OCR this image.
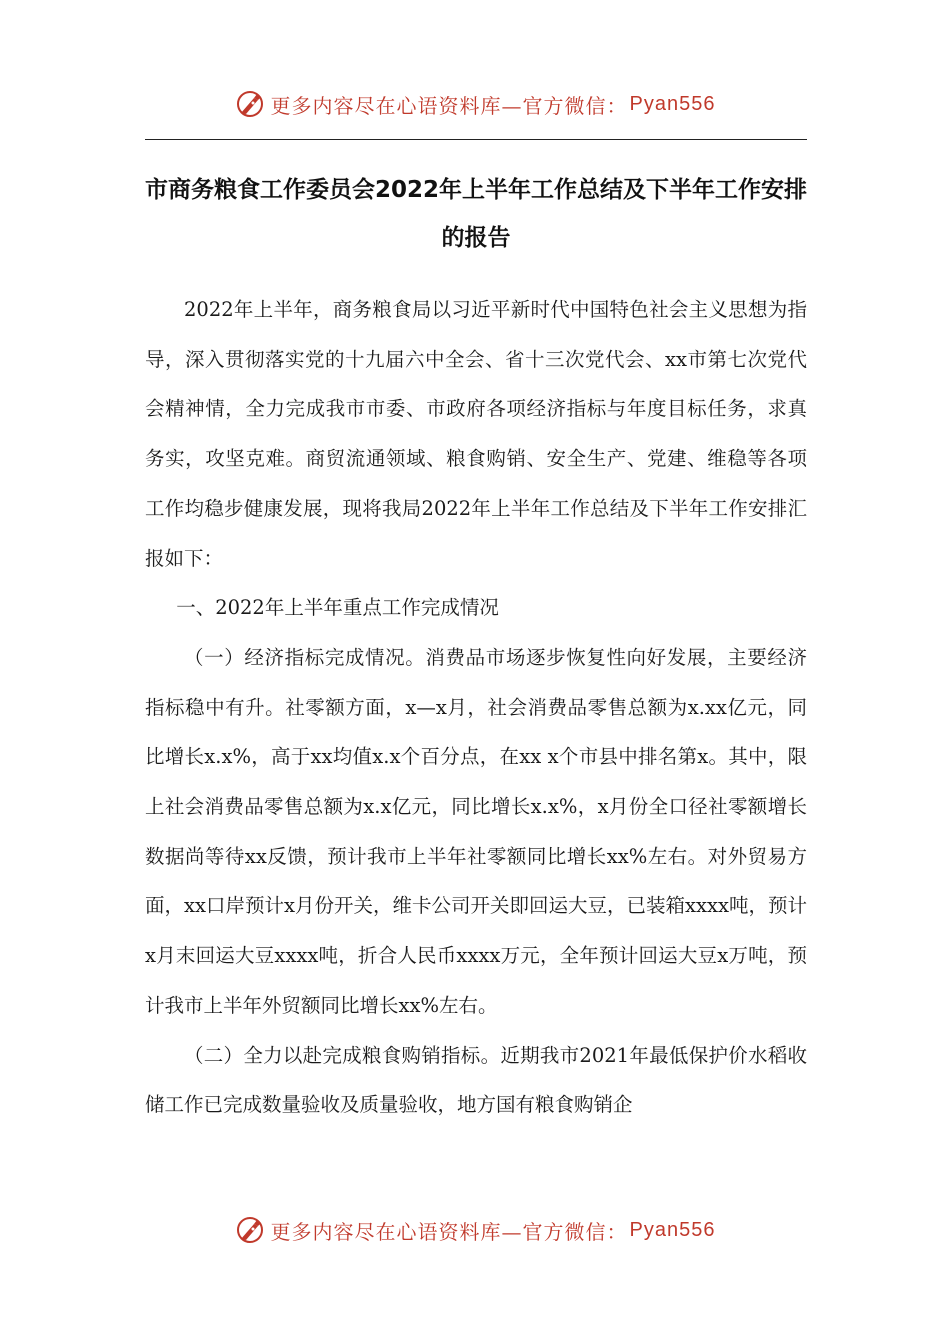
更多内容尽在心语资料库—官方微信： Pyan556
市商务粮食工作委员会2022年上半年工作总结及下半年工作安排的报告

2022年上半年，商务粮食局以习近平新时代中国特色社会主义思想为指导，深入贯彻落实党的十九届六中全会、省十三次党代会、xx市第七次党代会精神情，全力完成我市市委、市政府各项经济指标与年度目标任务，求真务实，攻坚克难。商贸流通领域、粮食购销、安全生产、党建、维稳等各项工作均稳步健康发展，现将我局2022年上半年工作总结及下半年工作安排汇报如下：

一、2022年上半年重点工作完成情况

（一）经济指标完成情况。消费品市场逐步恢复性向好发展，主要经济指标稳中有升。社零额方面，x—x月，社会消费品零售总额为x.xx亿元，同比增长x.x%，高于xx均值x.x个百分点，在xx x个市县中排名第x。其中，限上社会消费品零售总额为x.x亿元，同比增长x.x%，x月份全口径社零额增长数据尚等待xx反馈，预计我市上半年社零额同比增长xx%左右。对外贸易方面，xx口岸预计x月份开关，维卡公司开关即回运大豆，已装箱xxxx吨，预计x月末回运大豆xxxx吨，折合人民币xxxx万元，全年预计回运大豆x万吨，预计我市上半年外贸额同比增长xx%左右。

（二）全力以赴完成粮食购销指标。近期我市2021年最低保护价水稻收储工作已完成数量验收及质量验收，地方国有粮食购销企

更多内容尽在心语资料库—官方微信： Pyan556
